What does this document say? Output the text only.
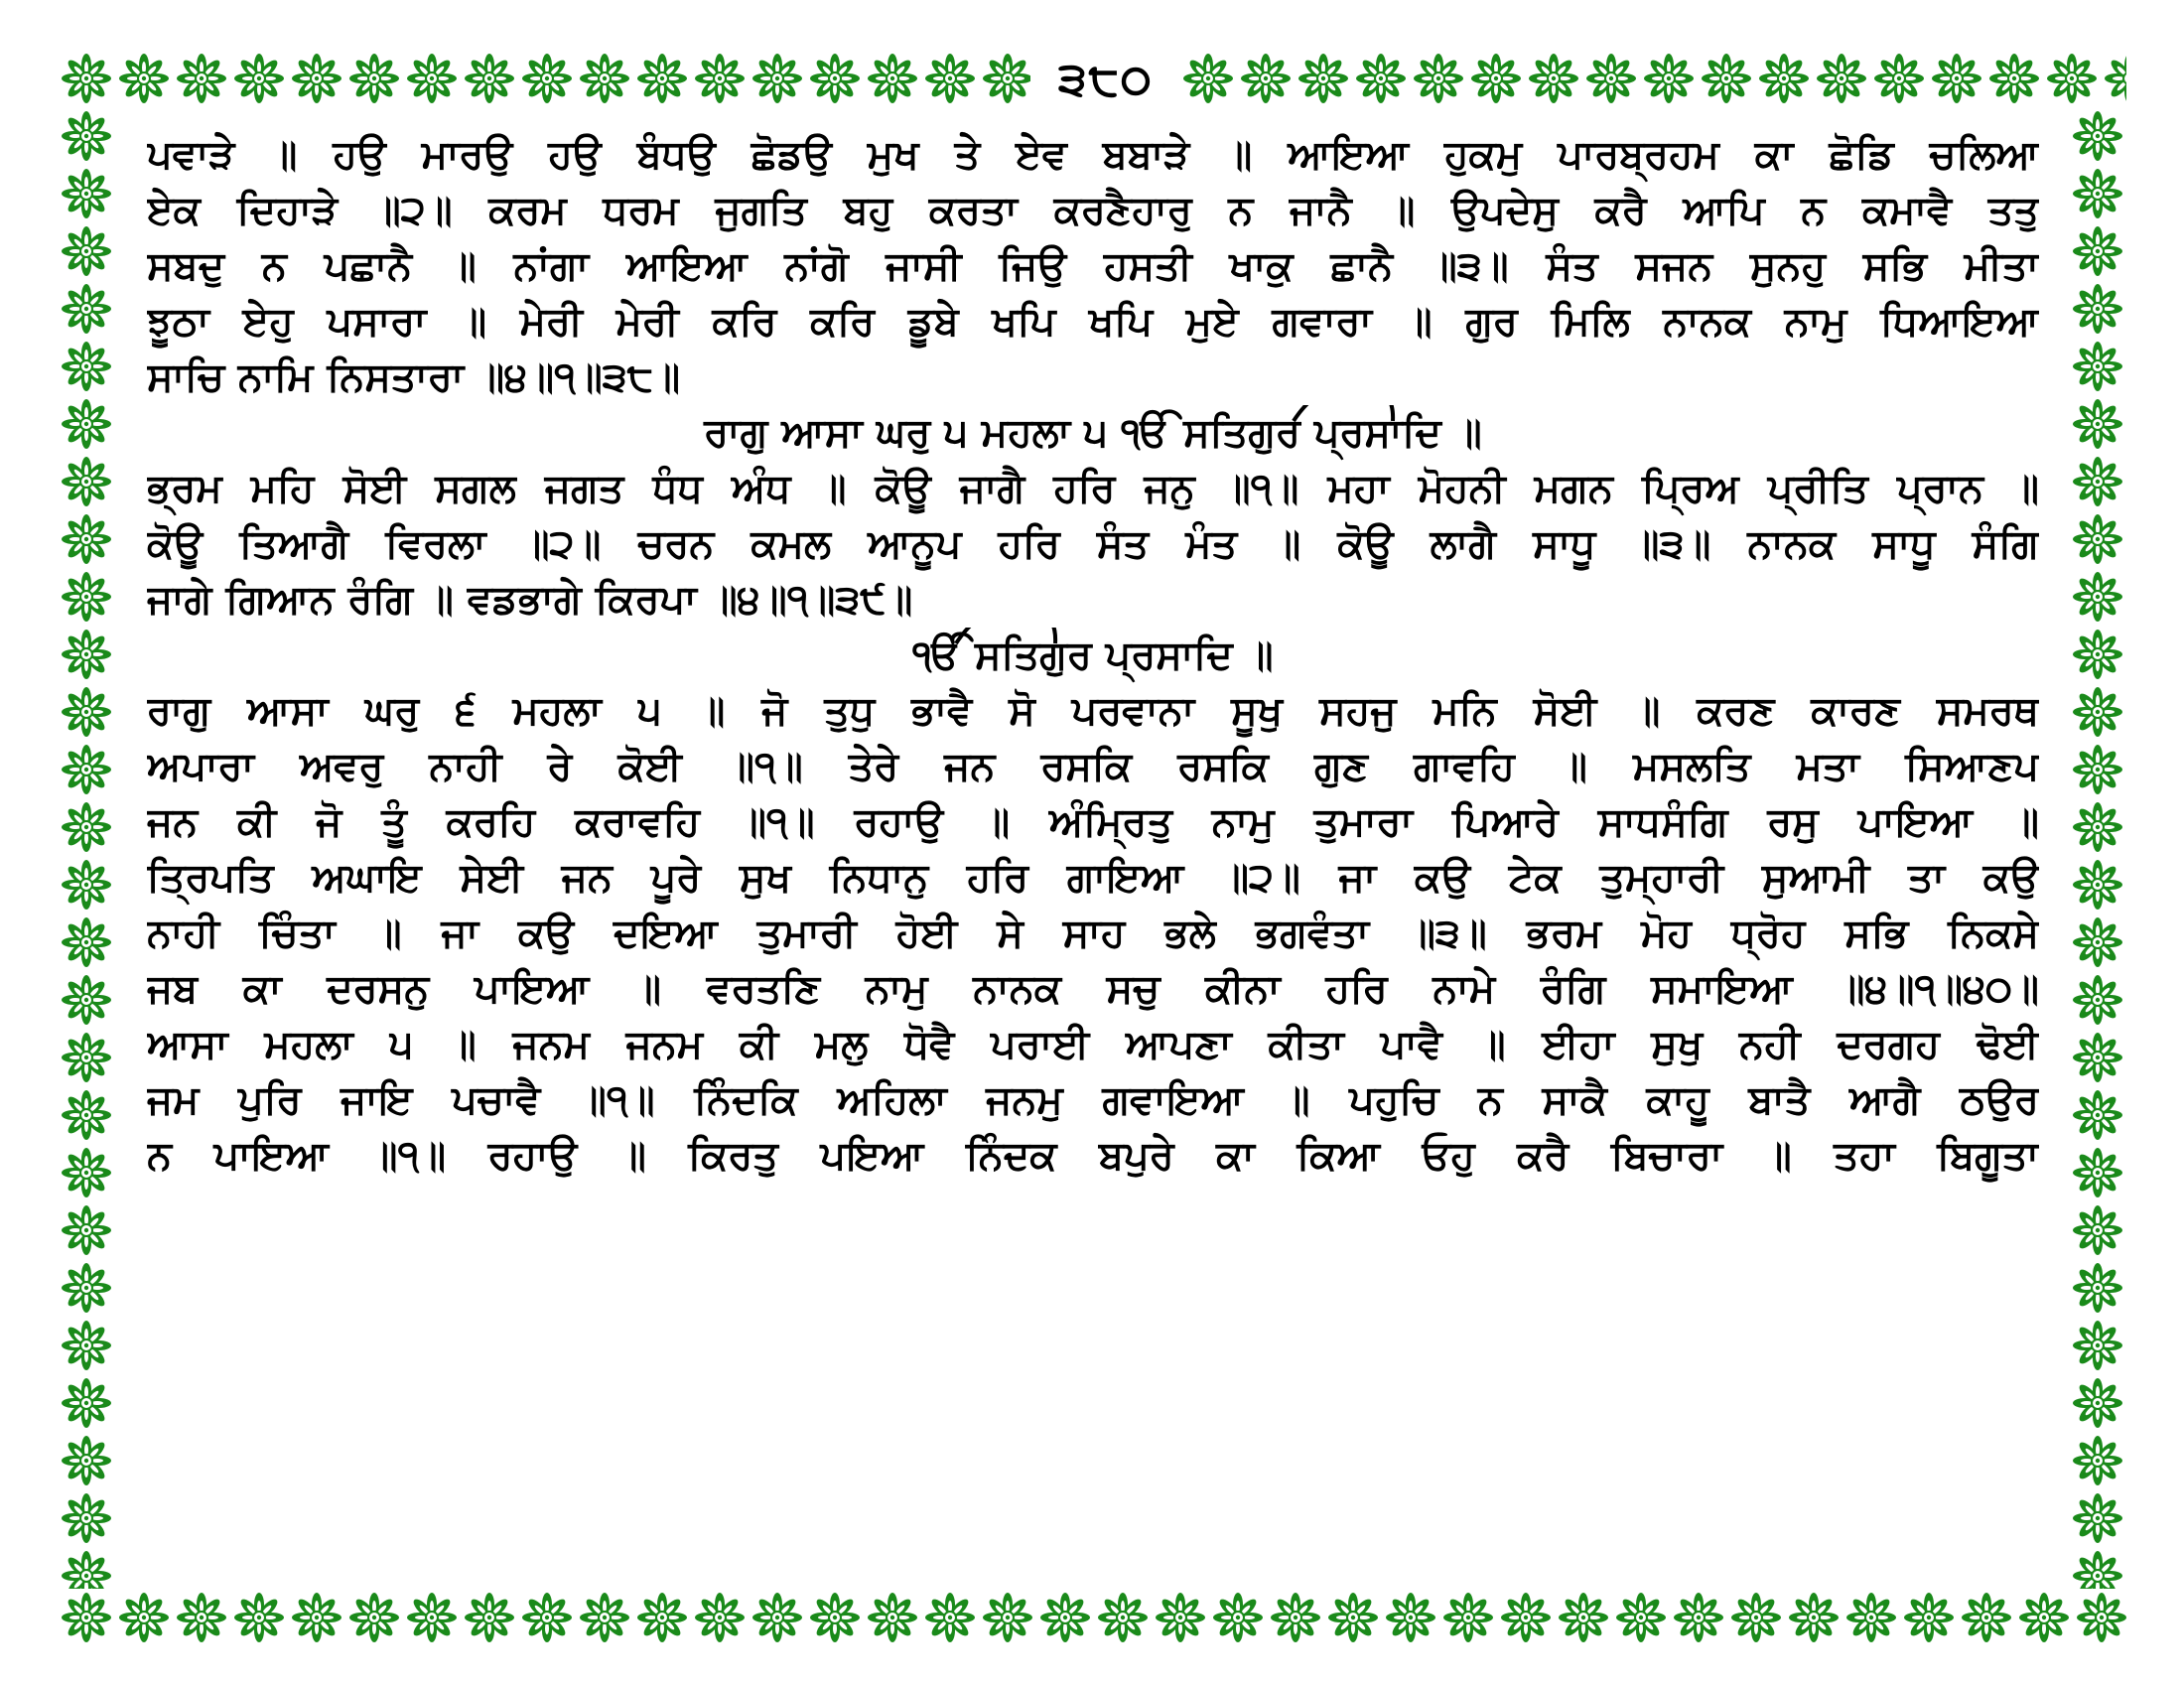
੩੮੦
ਪਵਾੜੇ ॥ ਹਉ ਮਾਰਉ ਹਉ ਬੰਧਉ ਛੋਡਉ ਮੁਖ ਤੇ ਏਵ ਬਬਾੜੇ ॥ ਆਇਆ ਹੁਕਮੁ ਪਾਰਬ੍ਰਹਮ ਕਾ ਛੋਡਿ ਚਲਿਆ
ਏਕ ਦਿਹਾੜੇ ॥੨॥ ਕਰਮ ਧਰਮ ਜੁਗਤਿ ਬਹੁ ਕਰਤਾ ਕਰਣੈਹਾਰੁ ਨ ਜਾਨੈ ॥ ਉਪਦੇਸੁ ਕਰੈ ਆਪਿ ਨ ਕਮਾਵੈ ਤਤੁ
ਸਬਦੁ ਨ ਪਛਾਨੈ ॥ ਨਾਂਗਾ ਆਇਆ ਨਾਂਗੋ ਜਾਸੀ ਜਿਉ ਹਸਤੀ ਖਾਕੁ ਛਾਨੈ ॥੩॥ ਸੰਤ ਸਜਨ ਸੁਨਹੁ ਸਭਿ ਮੀਤਾ
ਝੂਠਾ ਏਹੁ ਪਸਾਰਾ ॥ ਮੇਰੀ ਮੇਰੀ ਕਰਿ ਕਰਿ ਡੂਬੇ ਖਪਿ ਖਪਿ ਮੁਏ ਗਵਾਰਾ ॥ ਗੁਰ ਮਿਲਿ ਨਾਨਕ ਨਾਮੁ ਧਿਆਇਆ
ਸਾਚਿ ਨਾਮਿ ਨਿਸਤਾਰਾ ॥੪॥੧॥੩੮॥
ਰਾਗੁ ਆਸਾ ਘਰੁ ੫ ਮਹਲਾ ੫ ੴ ਸਤਿਗੁਰ ਪ੍ਰਸਾਦਿ ॥
ਭ੍ਰਮ ਮਹਿ ਸੋਈ ਸਗਲ ਜਗਤ ਧੰਧ ਅੰਧ ॥ ਕੋਊ ਜਾਗੈ ਹਰਿ ਜਨੁ ॥੧॥ ਮਹਾ ਮੋਹਨੀ ਮਗਨ ਪ੍ਰਿਅ ਪ੍ਰੀਤਿ ਪ੍ਰਾਨ ॥
ਕੋਊ ਤਿਆਗੈ ਵਿਰਲਾ ॥੨॥ ਚਰਨ ਕਮਲ ਆਨੂਪ ਹਰਿ ਸੰਤ ਮੰਤ ॥ ਕੋਊ ਲਾਗੈ ਸਾਧੂ ॥੩॥ ਨਾਨਕ ਸਾਧੂ ਸੰਗਿ
ਜਾਗੇ ਗਿਆਨ ਰੰਗਿ ॥ ਵਡਭਾਗੇ ਕਿਰਪਾ ॥੪॥੧॥੩੯॥
ੴ ਸਤਿਗੁਰ ਪ੍ਰਸਾਦਿ ॥
ਰਾਗੁ ਆਸਾ ਘਰੁ ੬ ਮਹਲਾ ੫ ॥ ਜੋ ਤੁਧੁ ਭਾਵੈ ਸੋ ਪਰਵਾਨਾ ਸੂਖੁ ਸਹਜੁ ਮਨਿ ਸੋਈ ॥ ਕਰਣ ਕਾਰਣ ਸਮਰਥ
ਅਪਾਰਾ ਅਵਰੁ ਨਾਹੀ ਰੇ ਕੋਈ ॥੧॥ ਤੇਰੇ ਜਨ ਰਸਕਿ ਰਸਕਿ ਗੁਣ ਗਾਵਹਿ ॥ ਮਸਲਤਿ ਮਤਾ ਸਿਆਣਪ
ਜਨ ਕੀ ਜੋ ਤੂੰ ਕਰਹਿ ਕਰਾਵਹਿ ॥੧॥ ਰਹਾਉ ॥ ਅੰਮ੍ਰਿਤੁ ਨਾਮੁ ਤੁਮਾਰਾ ਪਿਆਰੇ ਸਾਧਸੰਗਿ ਰਸੁ ਪਾਇਆ ॥
ਤ੍ਰਿਪਤਿ ਅਘਾਇ ਸੇਈ ਜਨ ਪੂਰੇ ਸੁਖ ਨਿਧਾਨੁ ਹਰਿ ਗਾਇਆ ॥੨॥ ਜਾ ਕਉ ਟੇਕ ਤੁਮ੍ਹਾਰੀ ਸੁਆਮੀ ਤਾ ਕਉ
ਨਾਹੀ ਚਿੰਤਾ ॥ ਜਾ ਕਉ ਦਇਆ ਤੁਮਾਰੀ ਹੋਈ ਸੇ ਸਾਹ ਭਲੇ ਭਗਵੰਤਾ ॥੩॥ ਭਰਮ ਮੋਹ ਧ੍ਰੋਹ ਸਭਿ ਨਿਕਸੇ
ਜਬ ਕਾ ਦਰਸਨੁ ਪਾਇਆ ॥ ਵਰਤਣਿ ਨਾਮੁ ਨਾਨਕ ਸਚੁ ਕੀਨਾ ਹਰਿ ਨਾਮੇ ਰੰਗਿ ਸਮਾਇਆ ॥੪॥੧॥੪੦॥
ਆਸਾ ਮਹਲਾ ੫ ॥ ਜਨਮ ਜਨਮ ਕੀ ਮਲੁ ਧੋਵੈ ਪਰਾਈ ਆਪਣਾ ਕੀਤਾ ਪਾਵੈ ॥ ਈਹਾ ਸੁਖੁ ਨਹੀ ਦਰਗਹ ਢੋਈ
ਜਮ ਪੁਰਿ ਜਾਇ ਪਚਾਵੈ ॥੧॥ ਨਿੰਦਕਿ ਅਹਿਲਾ ਜਨਮੁ ਗਵਾਇਆ ॥ ਪਹੁਚਿ ਨ ਸਾਕੈ ਕਾਹੂ ਬਾਤੈ ਆਗੈ ਠਉਰ
ਨ ਪਾਇਆ ॥੧॥ ਰਹਾਉ ॥ ਕਿਰਤੁ ਪਇਆ ਨਿੰਦਕ ਬਪੁਰੇ ਕਾ ਕਿਆ ਓਹੁ ਕਰੈ ਬਿਚਾਰਾ ॥ ਤਹਾ ਬਿਗੂਤਾ
